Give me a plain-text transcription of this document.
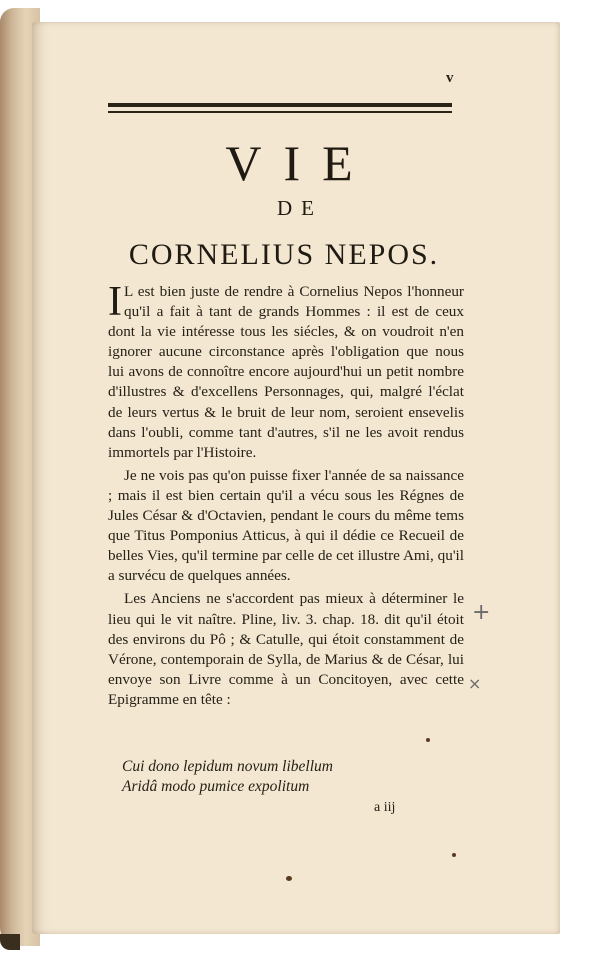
v
VIE
DE
CORNELIUS NEPOS.

I L est bien juste de rendre à Cornelius Nepos l'honneur qu'il a fait à tant de grands Hommes : il est de ceux dont la vie intéresse tous les siécles, & on voudroit n'en ignorer aucune circonstance après l'obligation que nous lui avons de connoître encore aujourd'hui un petit nombre d'illustres & d'excellens Personnages, qui, malgré l'éclat de leurs vertus & le bruit de leur nom, seroient ensevelis dans l'oubli, comme tant d'autres, s'il ne les avoit rendus immortels par l'Histoire.

Je ne vois pas qu'on puisse fixer l'année de sa naissance ; mais il est bien certain qu'il a vécu sous les Régnes de Jules César & d'Octavien, pendant le cours du même tems que Titus Pomponius Atticus, à qui il dédie ce Recueil de belles Vies, qu'il termine par celle de cet illustre Ami, qu'il a survécu de quelques années.

Les Anciens ne s'accordent pas mieux à déterminer le lieu qui le vit naître. Pline, liv. 3. chap. 18. dit qu'il étoit des environs du Pô ; & Catulle, qui étoit constamment de Vérone, contemporain de Sylla, de Marius & de César, lui envoye son Livre comme à un Concitoyen, avec cette Epigramme en tête :

Cui dono lepidum novum libellum
Aridâ modo pumice expolitum
a iij
+
×
